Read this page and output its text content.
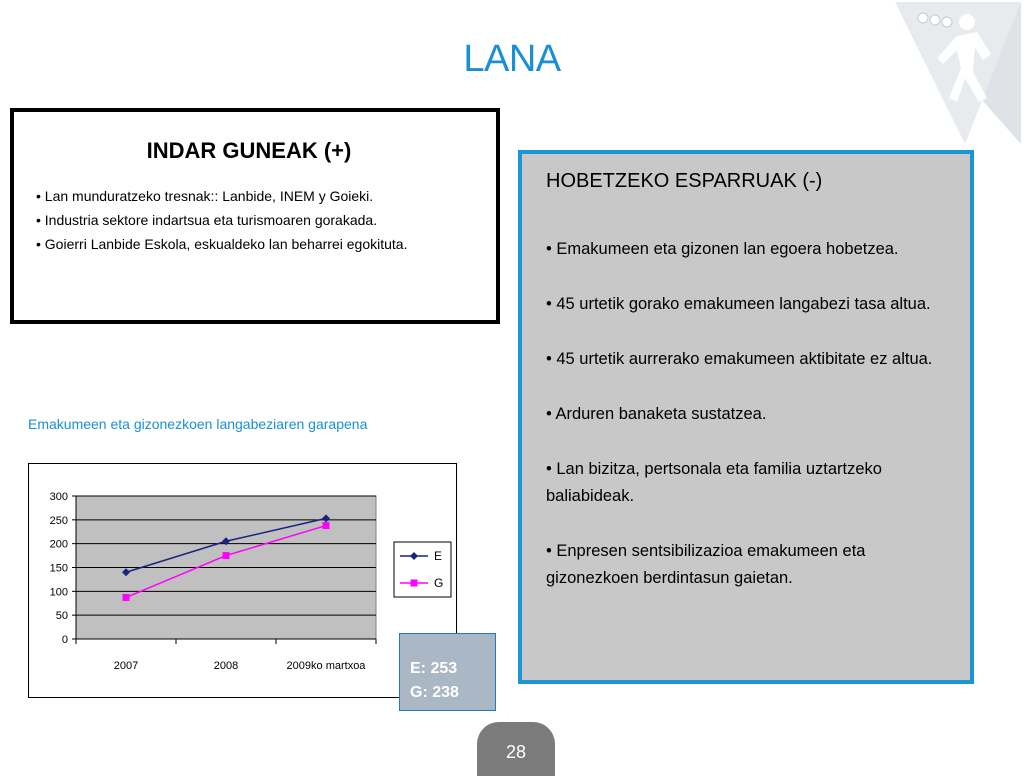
LANA
INDAR GUNEAK (+)
• Lan munduratzeko tresnak:: Lanbide, INEM y Goieki.
• Industria sektore indartsua eta turismoaren gorakada.
• Goierri Lanbide Eskola, eskualdeko lan beharrei egokituta.
HOBETZEKO ESPARRUAK (-)
• Emakumeen eta gizonen lan egoera hobetzea.
• 45 urtetik gorako emakumeen langabezi tasa altua.
• 45 urtetik aurrerako emakumeen aktibitate ez altua.
• Arduren banaketa sustatzea.
• Lan bizitza, pertsonala eta familia uztartzeko baliabideak.
• Enpresen sentsibilizazioa emakumeen eta gizonezkoen berdintasun gaietan.
Emakumeen eta gizonezkoen langabeziaren garapena
0
50
100
150
200
250
300
2007	2008	2009ko martxoa
E
G
E: 253
G: 238
28
